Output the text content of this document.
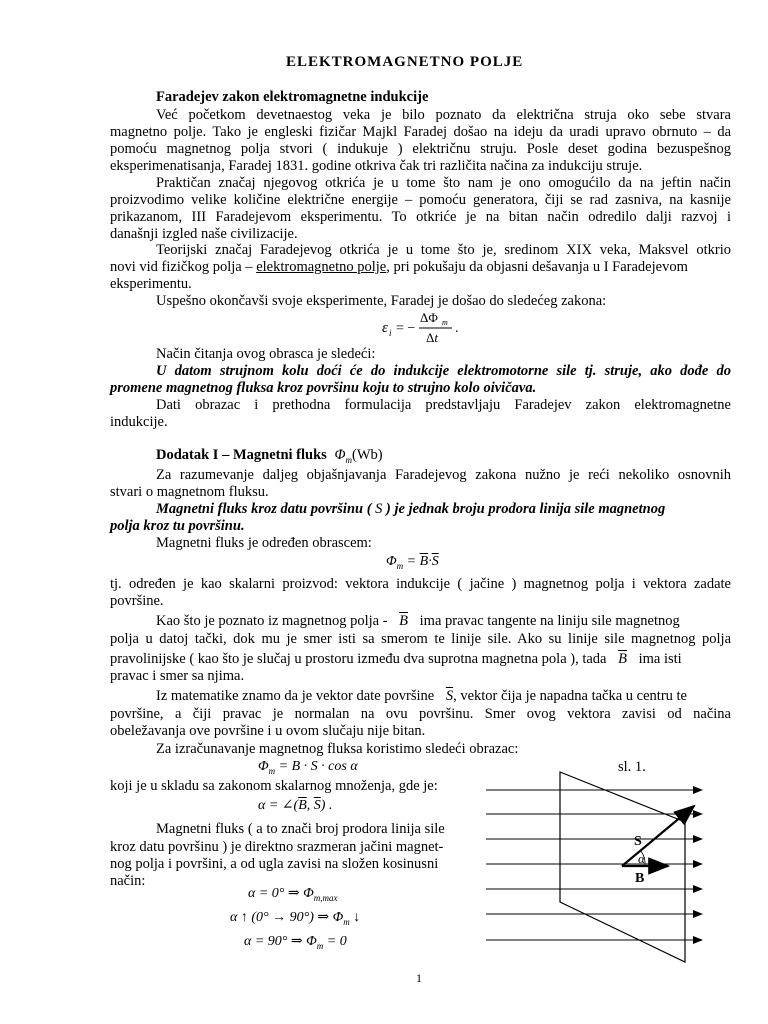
ELEKTROMAGNETNO POLJE
Faradejev zakon elektromagnetne indukcije
Već početkom devetnaestog veka je bilo poznato da električna struja oko sebe stvara
magnetno polje. Tako je engleski fizičar Majkl Faradej došao na ideju da uradi upravo obrnuto – da
pomoću magnetnog polja stvori ( indukuje ) električnu struju. Posle deset godina bezuspešnog
eksperimenatisanja, Faradej 1831. godine otkriva čak tri različita načina za indukciju struje.
Praktičan značaj njegovog otkrića je u tome što nam je ono omogućilo da na jeftin način
proizvodimo velike količine električne energije – pomoću generatora, čiji se rad zasniva, na kasnije
prikazanom, III Faradejevom eksperimentu. To otkriće je na bitan način odredilo dalji razvoj i
današnji izgled naše civilizacije.
Teorijski značaj Faradejevog otkrića je u tome što je, sredinom XIX veka, Maksvel otkrio
novi vid fizičkog polja – elektromagnetno polje, pri pokušaju da objasni dešavanja u I Faradejevom
eksperimentu.
Uspešno okončavši svoje eksperimente, Faradej je došao do sledećeg zakona:
ε i = −
ΔΦ m
Δt
.
Način čitanja ovog obrasca je sledeći:
U datom strujnom kolu doći će do indukcije elektromotorne sile tj. struje, ako dođe do
promene magnetnog fluksa kroz površinu koju to strujno kolo oivičava.
Dati obrazac i prethodna formulacija predstavljaju Faradejev zakon elektromagnetne
indukcije.
Dodatak I – Magnetni fluks $\Phi_m(Wb)$
Za razumevanje daljeg objašnjavanja Faradejevog zakona nužno je reći nekoliko osnovnih
stvari o magnetnom fluksu.
Magnetni fluks kroz datu površinu ( S ) je jednak broju prodora linija sile magnetnog
polja kroz tu površinu.
Magnetni fluks je određen obrascem:
$\Phi_m = \overline{B}\cdot\overline{S}$
tj. određen je kao skalarni proizvod: vektora indukcije ( jačine ) magnetnog polja i vektora zadate
površine.
Kao što je poznato iz magnetnog polja - $\overline{B}$ ima pravac tangente na liniju sile magnetnog
polja u datoj tački, dok mu je smer isti sa smerom te linije sile. Ako su linije sile magnetnog polja
pravolinijske ( kao što je slučaj u prostoru između dva suprotna magnetna pola ), tada $\overline{B}$ ima isti
pravac i smer sa njima.
Iz matematike znamo da je vektor date površine $\overline{S}$, vektor čija je napadna tačka u centru te
površine, a čiji pravac je normalan na ovu površinu. Smer ovog vektora zavisi od načina
obeležavanja ove površine i u ovom slučaju nije bitan.
Za izračunavanje magnetnog fluksa koristimo sledeći obrazac:
$\Phi_m = B \cdot S \cdot \cos \alpha$	sl. 1.
koji je u skladu sa zakonom skalarnog množenja, gde je:
$\alpha = \angle(\overline{B}$, $\overline{S}$) .
Magnetni fluks ( a to znači broj prodora linija sile
kroz datu površinu ) je direktno srazmeran jačini magnet-
nog polja i površini, a od ugla zavisi na složen kosinusni
način:
α = 0° ⇒ $\Phi_{m,max}$
α ↑ (0° → 90°) ⇒ $\Phi_m$ ↓
α = 90° ⇒ $\Phi_m = 0$
S
α
B
1
